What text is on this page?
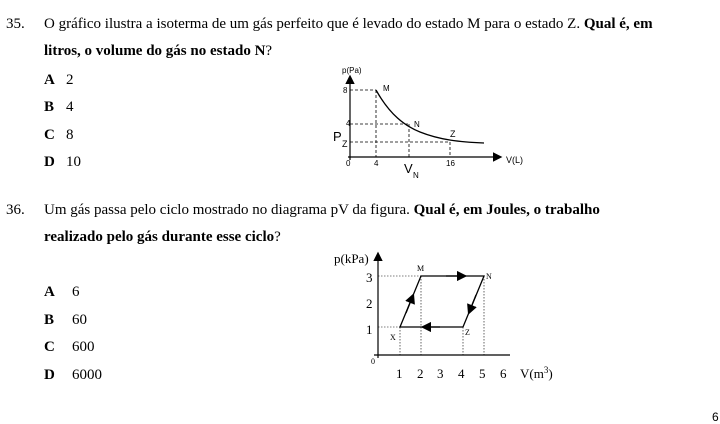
35. O gráfico ilustra a isoterma de um gás perfeito que é levado do estado M para o estado Z. Qual é, em
litros, o volume do gás no estado N?
A 2
B 4
C 8
D 10
p(Pa)
V(L)
8
4
P Z
0	4	16
V N
M
N
Z
36. Um gás passa pelo ciclo mostrado no diagrama pV da figura. Qual é, em Joules, o trabalho
realizado pelo gás durante esse ciclo?
A 6
B 60
C 600
D 6000
p(kPa)
$V(m^3)$
3
2
1
0
1 2 3 4 5 6
M
N
X
Z
6
